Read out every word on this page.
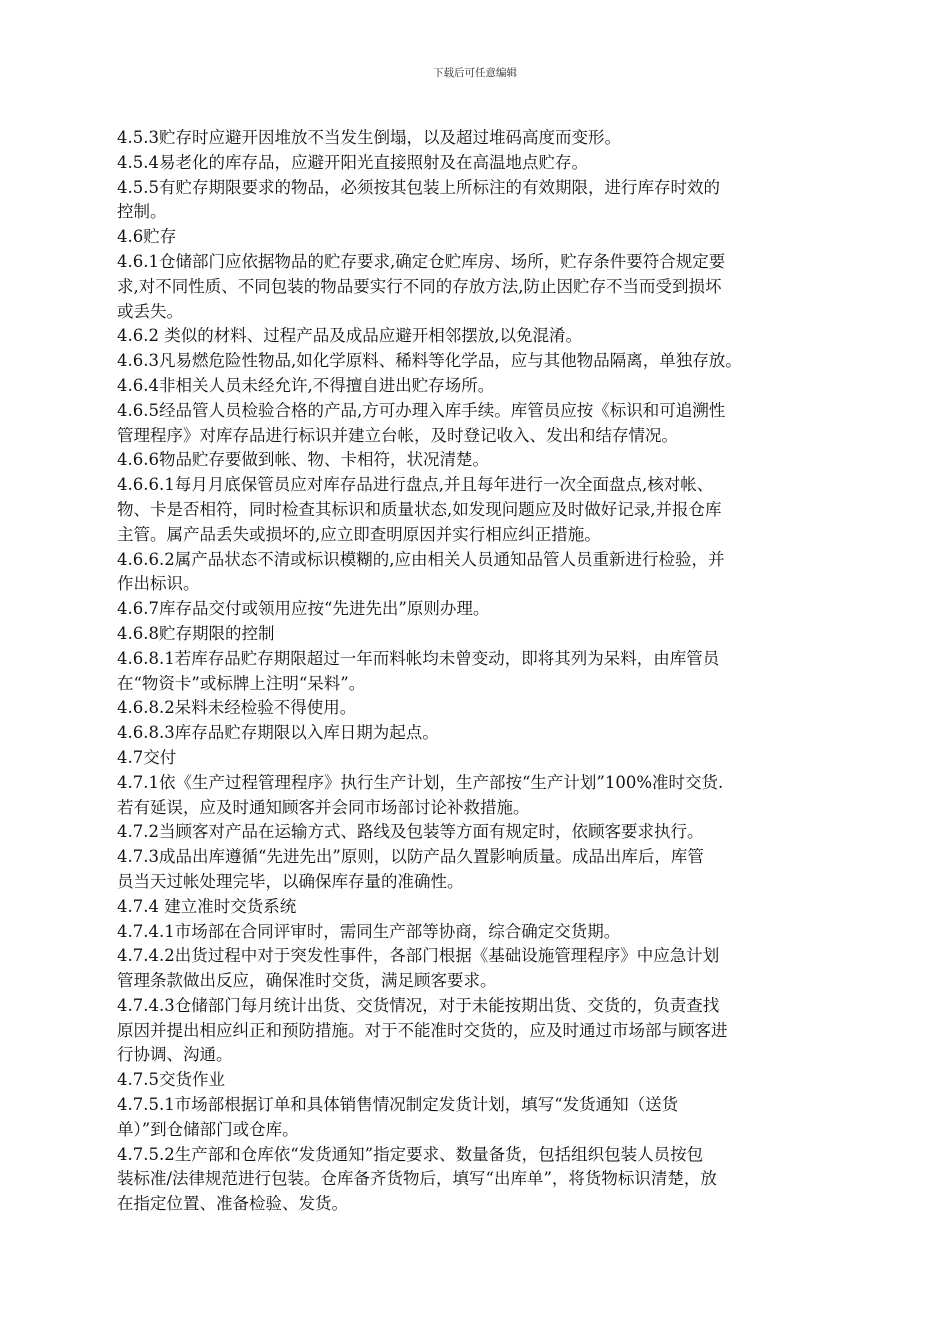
下载后可任意编辑
4.5.3贮存时应避开因堆放不当发生倒塌，以及超过堆码高度而变形。
4.5.4易老化的库存品，应避开阳光直接照射及在高温地点贮存。
4.5.5有贮存期限要求的物品，必须按其包装上所标注的有效期限，进行库存时效的
控制。
4.6贮存
4.6.1仓储部门应依据物品的贮存要求,确定仓贮库房、场所，贮存条件要符合规定要
求,对不同性质、不同包装的物品要实行不同的存放方法,防止因贮存不当而受到损坏
或丢失。
4.6.2 类似的材料、过程产品及成品应避开相邻摆放,以免混淆。
4.6.3凡易燃危险性物品,如化学原料、稀料等化学品，应与其他物品隔离，单独存放。
4.6.4非相关人员未经允许,不得擅自进出贮存场所。
4.6.5经品管人员检验合格的产品,方可办理入库手续。库管员应按《标识和可追溯性
管理程序》对库存品进行标识并建立台帐，及时登记收入、发出和结存情况。
4.6.6物品贮存要做到帐、物、卡相符，状况清楚。
4.6.6.1每月月底保管员应对库存品进行盘点,并且每年进行一次全面盘点,核对帐、
物、卡是否相符，同时检查其标识和质量状态,如发现问题应及时做好记录,并报仓库
主管。属产品丢失或损坏的,应立即查明原因并实行相应纠正措施。
4.6.6.2属产品状态不清或标识模糊的,应由相关人员通知品管人员重新进行检验，并
作出标识。
4.6.7库存品交付或领用应按“先进先出”原则办理。
4.6.8贮存期限的控制
4.6.8.1若库存品贮存期限超过一年而料帐均未曾变动，即将其列为呆料，由库管员
在“物资卡”或标牌上注明“呆料”。
4.6.8.2呆料未经检验不得使用。
4.6.8.3库存品贮存期限以入库日期为起点。
4.7交付
4.7.1依《生产过程管理程序》执行生产计划，生产部按“生产计划”100%准时交货.
若有延误，应及时通知顾客并会同市场部讨论补救措施。
4.7.2当顾客对产品在运输方式、路线及包装等方面有规定时，依顾客要求执行。
4.7.3成品出库遵循“先进先出”原则，以防产品久置影响质量。成品出库后，库管
员当天过帐处理完毕，以确保库存量的准确性。
4.7.4 建立准时交货系统
4.7.4.1市场部在合同评审时，需同生产部等协商，综合确定交货期。
4.7.4.2出货过程中对于突发性事件，各部门根据《基础设施管理程序》中应急计划
管理条款做出反应，确保准时交货，满足顾客要求。
4.7.4.3仓储部门每月统计出货、交货情况，对于未能按期出货、交货的，负责查找
原因并提出相应纠正和预防措施。对于不能准时交货的，应及时通过市场部与顾客进
行协调、沟通。
4.7.5交货作业
4.7.5.1市场部根据订单和具体销售情况制定发货计划，填写“发货通知（送货
单）”到仓储部门或仓库。
4.7.5.2生产部和仓库依“发货通知”指定要求、数量备货，包括组织包装人员按包
装标准/法律规范进行包装。仓库备齐货物后，填写“出库单”，将货物标识清楚，放
在指定位置、准备检验、发货。
